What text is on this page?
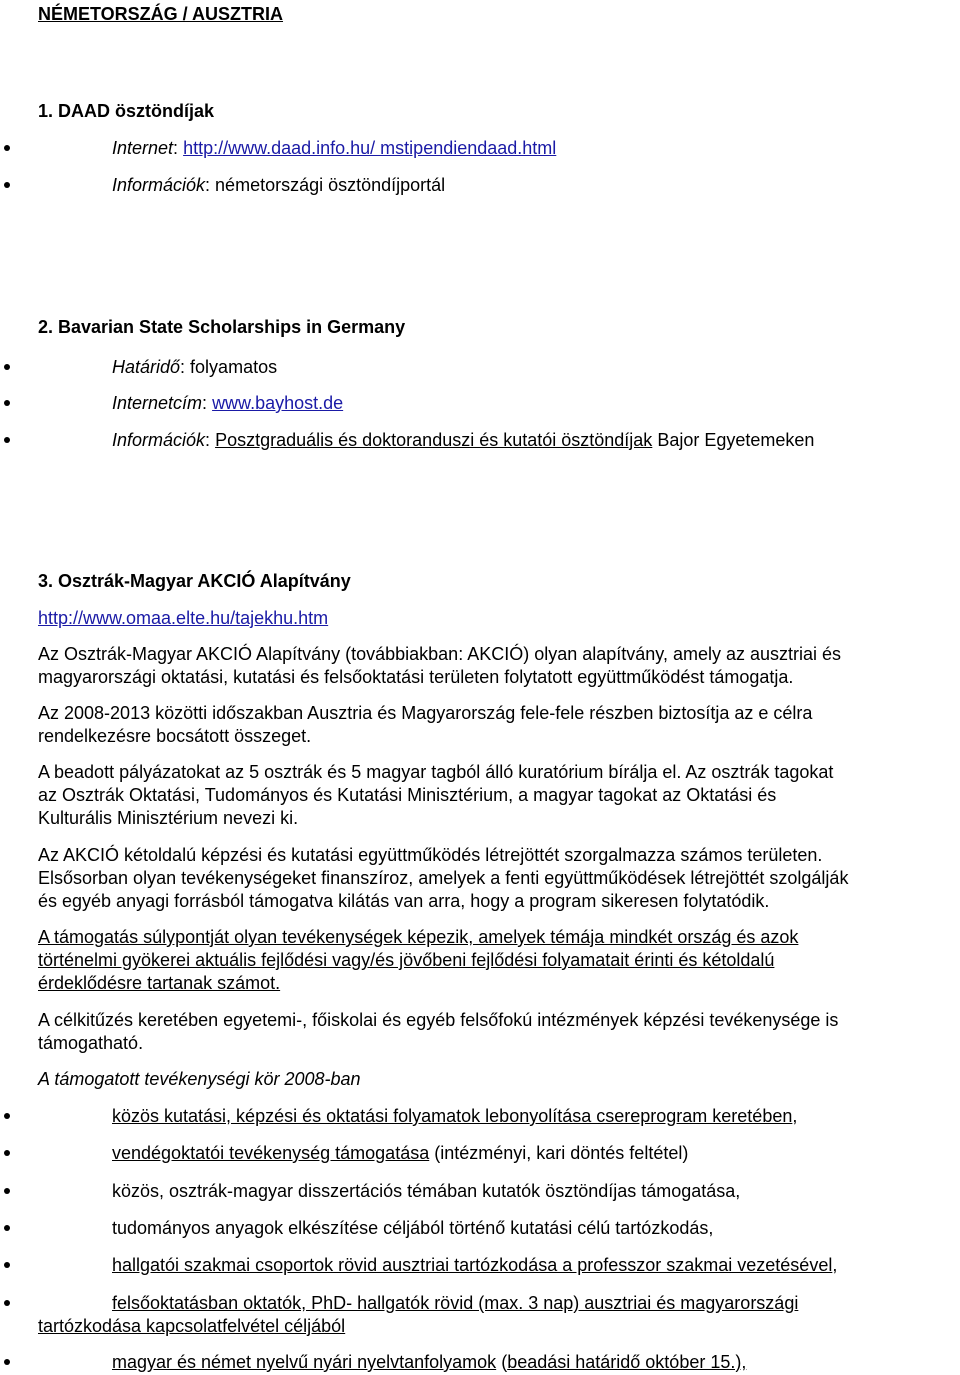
NÉMETORSZÁG / AUSZTRIA
1. DAAD ösztöndíjak
Internet: http://www.daad.info.hu/ mstipendiendaad.html
Információk: németországi ösztöndíjportál
2. Bavarian State Scholarships in Germany
Határidő: folyamatos
Internetcím: www.bayhost.de
Információk: Posztgraduális és doktoranduszi és kutatói ösztöndíjak Bajor Egyetemeken
3. Osztrák-Magyar AKCIÓ Alapítvány
http://www.omaa.elte.hu/tajekhu.htm
Az Osztrák-Magyar AKCIÓ Alapítvány (továbbiakban: AKCIÓ) olyan alapítvány, amely az ausztriai és
magyarországi oktatási, kutatási és felsőoktatási területen folytatott együttműködést támogatja.
Az 2008-2013 közötti időszakban Ausztria és Magyarország fele-fele részben biztosítja az e célra
rendelkezésre bocsátott összeget.
A beadott pályázatokat az 5 osztrák és 5 magyar tagból álló kuratórium bírálja el. Az osztrák tagokat
az Osztrák Oktatási, Tudományos és Kutatási Minisztérium, a magyar tagokat az Oktatási és
Kulturális Minisztérium nevezi ki.
Az AKCIÓ kétoldalú képzési és kutatási együttműködés létrejöttét szorgalmazza számos területen.
Elsősorban olyan tevékenységeket finanszíroz, amelyek a fenti együttműködések létrejöttét szolgálják
és egyéb anyagi forrásból támogatva kilátás van arra, hogy a program sikeresen folytatódik.
A támogatás súlypontját olyan tevékenységek képezik, amelyek témája mindkét ország és azok
történelmi gyökerei aktuális fejlődési vagy/és jövőbeni fejlődési folyamatait érinti és kétoldalú
érdeklődésre tartanak számot.
A célkitűzés keretében egyetemi-, főiskolai és egyéb felsőfokú intézmények képzési tevékenysége is
támogatható.
A támogatott tevékenységi kör 2008-ban
közös kutatási, képzési és oktatási folyamatok lebonyolítása csereprogram keretében,
vendégoktatói tevékenység támogatása (intézményi, kari döntés feltétel)
közös, osztrák-magyar disszertációs témában kutatók ösztöndíjas támogatása,
tudományos anyagok elkészítése céljából történő kutatási célú tartózkodás,
hallgatói szakmai csoportok rövid ausztriai tartózkodása a professzor szakmai vezetésével,
felsőoktatásban oktatók, PhD- hallgatók rövid (max. 3 nap) ausztriai és magyarországi
tartózkodása kapcsolatfelvétel céljából
magyar és német nyelvű nyári nyelvtanfolyamok (beadási határidő október 15.),
